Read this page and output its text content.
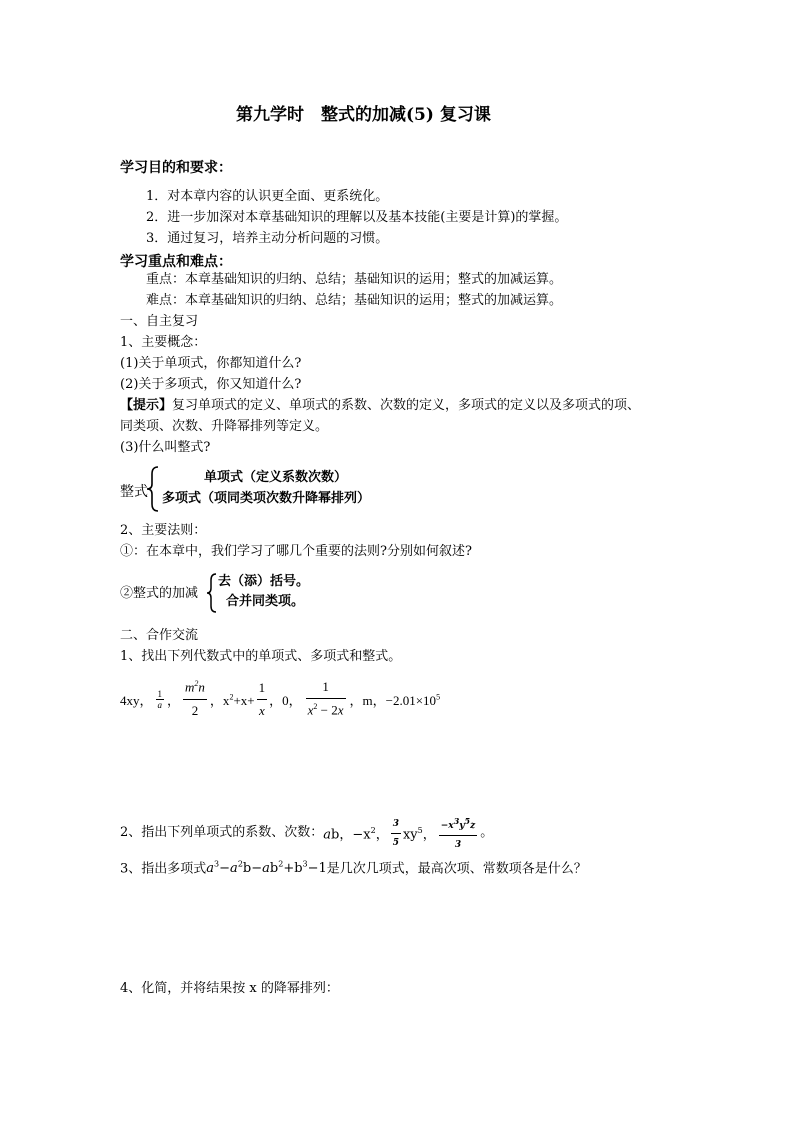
第九学时　整式的加减(5) 复习课
学习目的和要求：
1．对本章内容的认识更全面、更系统化。
2．进一步加深对本章基础知识的理解以及基本技能(主要是计算)的掌握。
3．通过复习，培养主动分析问题的习惯。
学习重点和难点：
重点：本章基础知识的归纳、总结；基础知识的运用；整式的加减运算。
难点：本章基础知识的归纳、总结；基础知识的运用；整式的加减运算。
一、自主复习
1、主要概念：
(1)关于单项式，你都知道什么?
(2)关于多项式，你又知道什么?
【提示】复习单项式的定义、单项式的系数、次数的定义，多项式的定义以及多项式的项、
同类项、次数、升降幂排列等定义。
(3)什么叫整式?
整式
单项式（定义系数次数）
多项式（项同类项次数升降幂排列）
2、主要法则：
①：在本章中，我们学习了哪几个重要的法则?分别如何叙述?
②整式的加减
去（添）括号。
合并同类项。
二、合作交流
1、找出下列代数式中的单项式、多项式和整式。
4xy， $\frac{1}{a}$ ， $\frac{m^2n}{2}$ ，$x^2+x+ \frac{1}{x}$ ，0， $\frac{1}{x^2 - 2x}$ ，m，$-2.01\times 10^5$
2、指出下列单项式的系数、次数： ab，$-x^2$， $\frac{3}{5} xy^5$， $\frac{-x^3y^5z}{3}$ 。
3、指出多项式$a^3-a^2b-ab^2+b^3-1$是几次几项式，最高次项、常数项各是什么？
4、化简，并将结果按 x 的降幂排列：
